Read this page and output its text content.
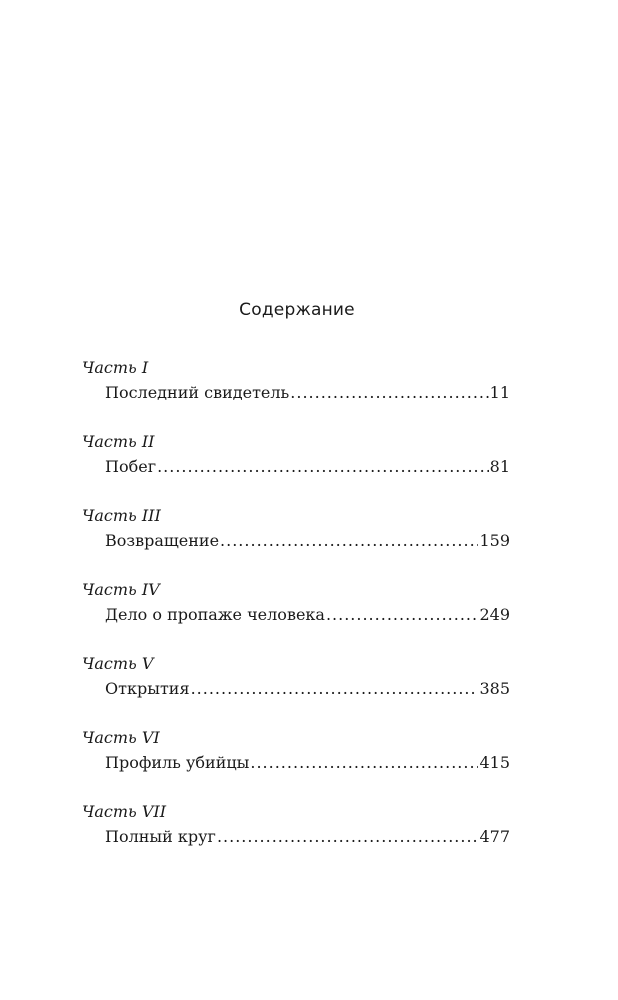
Содержание
Часть I
Последний свидетель .....	11
Часть II
Побег .....	81
Часть III
Возвращение .....	159
Часть IV
Дело о пропаже человека .....	249
Часть V
Открытия .....	385
Часть VI
Профиль убийцы .....	415
Часть VII
Полный круг .....	477
